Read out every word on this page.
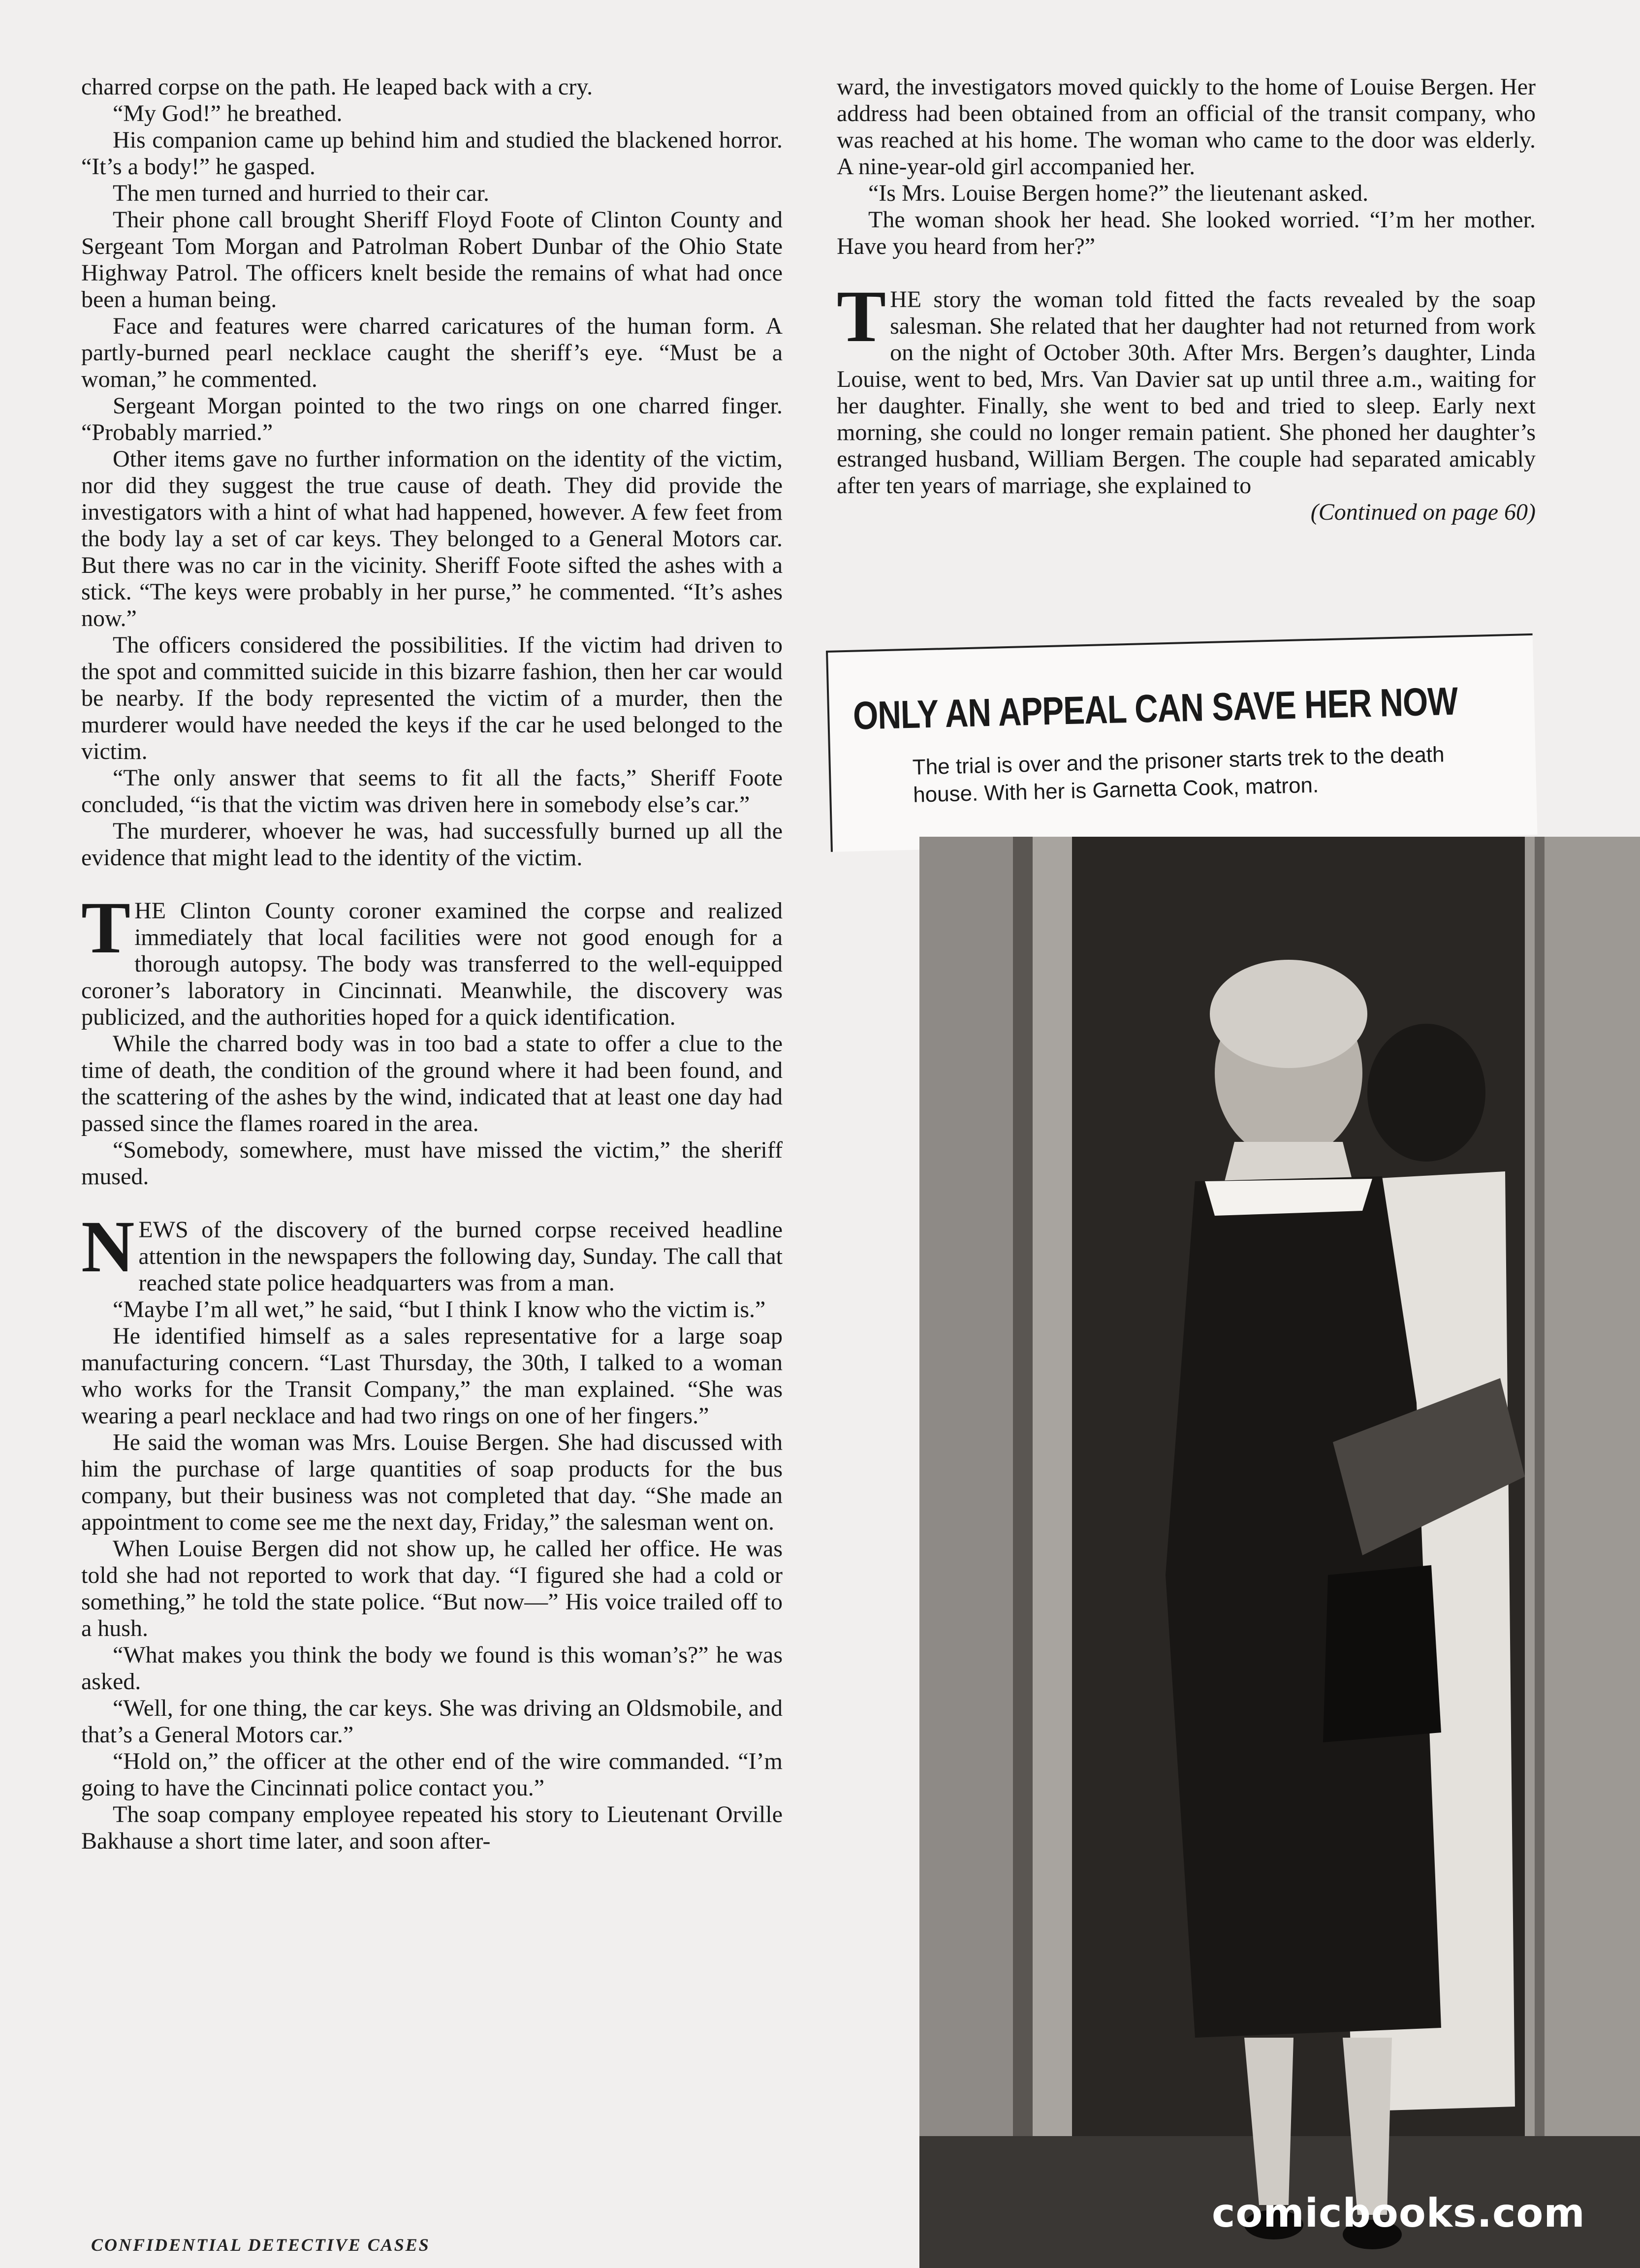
charred corpse on the path. He leaped back with a cry.

“My God!” he breathed.

His companion came up behind him and studied the blackened horror. “It’s a body!” he gasped.

The men turned and hurried to their car.

Their phone call brought Sheriff Floyd Foote of Clinton County and Sergeant Tom Morgan and Patrolman Robert Dunbar of the Ohio State Highway Patrol. The officers knelt beside the remains of what had once been a human being.

Face and features were charred caricatures of the human form. A partly-burned pearl necklace caught the sheriff’s eye. “Must be a woman,” he commented.

Sergeant Morgan pointed to the two rings on one charred finger. “Probably married.”

Other items gave no further information on the identity of the victim, nor did they suggest the true cause of death. They did provide the investigators with a hint of what had happened, however. A few feet from the body lay a set of car keys. They belonged to a General Motors car. But there was no car in the vicinity. Sheriff Foote sifted the ashes with a stick. “The keys were probably in her purse,” he commented. “It’s ashes now.”

The officers considered the possibilities. If the victim had driven to the spot and committed suicide in this bizarre fashion, then her car would be nearby. If the body represented the victim of a murder, then the murderer would have needed the keys if the car he used belonged to the victim.

“The only answer that seems to fit all the facts,” Sheriff Foote concluded, “is that the victim was driven here in somebody else’s car.”

The murderer, whoever he was, had successfully burned up all the evidence that might lead to the identity of the victim.

THE Clinton County coroner examined the corpse and realized immediately that local facilities were not good enough for a thorough autopsy. The body was transferred to the well-equipped coroner’s laboratory in Cincinnati. Meanwhile, the discovery was publicized, and the authorities hoped for a quick identification.

While the charred body was in too bad a state to offer a clue to the time of death, the condition of the ground where it had been found, and the scattering of the ashes by the wind, indicated that at least one day had passed since the flames roared in the area.

“Somebody, somewhere, must have missed the victim,” the sheriff mused.

NEWS of the discovery of the burned corpse received headline attention in the newspapers the following day, Sunday. The call that reached state police headquarters was from a man.

“Maybe I’m all wet,” he said, “but I think I know who the victim is.”

He identified himself as a sales representative for a large soap manufacturing concern. “Last Thursday, the 30th, I talked to a woman who works for the Transit Company,” the man explained. “She was wearing a pearl necklace and had two rings on one of her fingers.”

He said the woman was Mrs. Louise Bergen. She had discussed with him the purchase of large quantities of soap products for the bus company, but their business was not completed that day. “She made an appointment to come see me the next day, Friday,” the salesman went on.

When Louise Bergen did not show up, he called her office. He was told she had not reported to work that day. “I figured she had a cold or something,” he told the state police. “But now—” His voice trailed off to a hush.

“What makes you think the body we found is this woman’s?” he was asked.

“Well, for one thing, the car keys. She was driving an Oldsmobile, and that’s a General Motors car.”

“Hold on,” the officer at the other end of the wire commanded. “I’m going to have the Cincinnati police contact you.”

The soap company employee repeated his story to Lieutenant Orville Bakhause a short time later, and soon after-

ward, the investigators moved quickly to the home of Louise Bergen. Her address had been obtained from an official of the transit company, who was reached at his home. The woman who came to the door was elderly. A nine-year-old girl accompanied her.

“Is Mrs. Louise Bergen home?” the lieutenant asked.

The woman shook her head. She looked worried. “I’m her mother. Have you heard from her?”

THE story the woman told fitted the facts revealed by the soap salesman. She related that her daughter had not returned from work on the night of October 30th. After Mrs. Bergen’s daughter, Linda Louise, went to bed, Mrs. Van Davier sat up until three a.m., waiting for her daughter. Finally, she went to bed and tried to sleep. Early next morning, she could no longer remain patient. She phoned her daughter’s estranged husband, William Bergen. The couple had separated amicably after ten years of marriage, she explained to

(Continued on page 60)
ONLY AN APPEAL CAN SAVE HER NOW
The trial is over and the prisoner starts trek to the death house. With her is Garnetta Cook, matron.
CONFIDENTIAL DETECTIVE CASES
comicbooks.com
